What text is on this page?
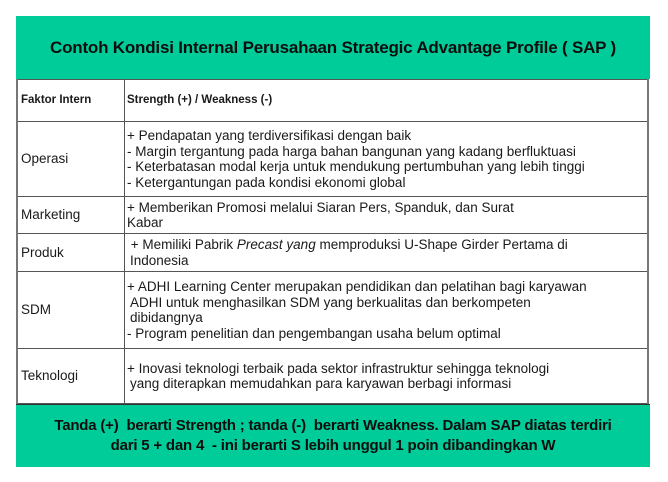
Contoh Kondisi Internal Perusahaan Strategic Advantage Profile ( SAP )
Faktor Intern	Strength (+) / Weakness (-)
Operasi	+ Pendapatan yang terdiversifikasi dengan baik
- Margin tergantung pada harga bahan bangunan yang kadang berfluktuasi
- Keterbatasan modal kerja untuk mendukung pertumbuhan yang lebih tinggi
- Ketergantungan pada kondisi ekonomi global

Marketing	+ Memberikan Promosi melalui Siaran Pers, Spanduk, dan Surat
Kabar

Produk	+ Memiliki Pabrik Precast yang memproduksi U-Shape Girder Pertama di
Indonesia

SDM	+ ADHI Learning Center merupakan pendidikan dan pelatihan bagi karyawan
ADHI untuk menghasilkan SDM yang berkualitas dan berkompeten
dibidangnya
- Program penelitian dan pengembangan usaha belum optimal

Teknologi	+ Inovasi teknologi terbaik pada sektor infrastruktur sehingga teknologi
yang diterapkan memudahkan para karyawan berbagi informasi
Tanda (+)  berarti Strength ; tanda (-)  berarti Weakness. Dalam SAP diatas terdiri
dari 5 + dan 4  - ini berarti S lebih unggul 1 poin dibandingkan W
